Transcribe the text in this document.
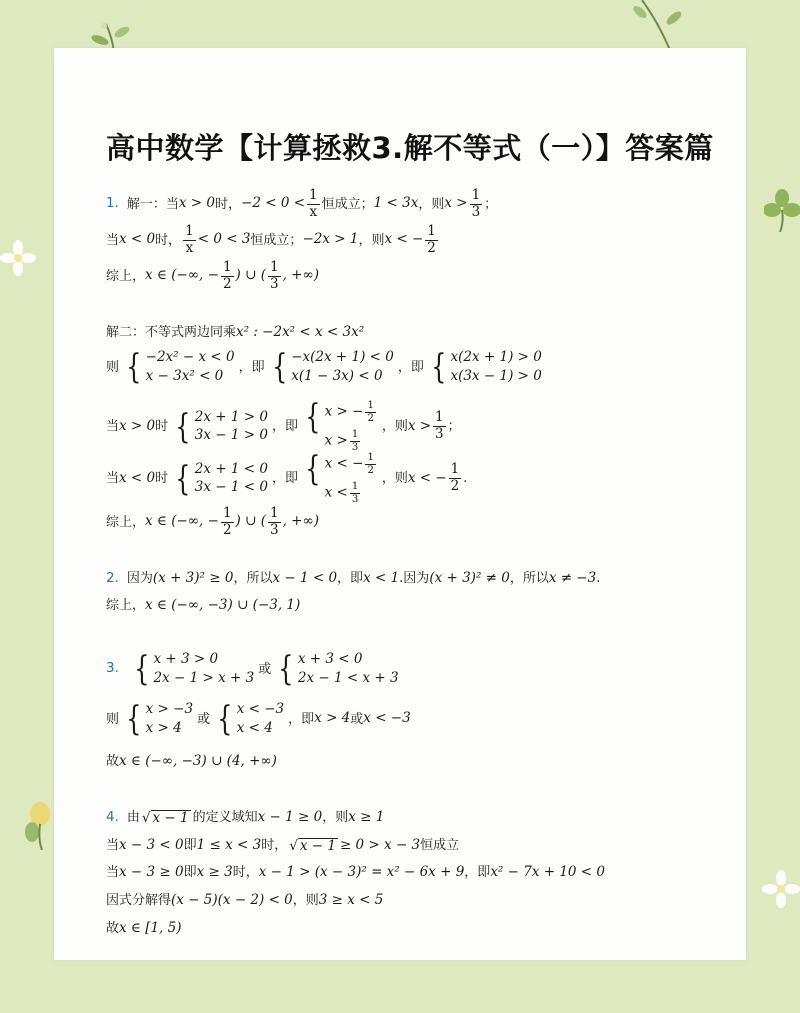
高中数学【计算拯救3.解不等式（一）】答案篇
1. 解一：当 x > 0 时， $-2 < 0 < \frac{1}{x}$ 恒成立； 1 < 3x ，则 $x > \frac{1}{3}$ ；
当 x < 0 时， $\frac{1}{x} < 0 < 3$ 恒成立； −2x > 1 ，则 x < − $\frac{1}{2}$
综上， x ∈ (−∞, − $\frac{1}{2}$ ) ∪ ( $\frac{1}{3}$ , +∞)
解二：不等式两边同乘 x² : −2x² < x < 3x²
则 { −2x² − x < 0
x − 3x² < 0
，即 { −x(2x + 1) < 0
x(1 − 3x) < 0
，即 { x(2x + 1) > 0
x(3x − 1) > 0
当 x > 0 时 { 2x + 1 > 0
3x − 1 > 0
，即 { x > − $\frac{1}{2}$
$x > \frac{1}{3}$
，则 $x > \frac{1}{3}$ ；
当 x < 0 时 { 2x + 1 < 0
3x − 1 < 0
，即 { x < − $\frac{1}{2}$
$x < \frac{1}{3}$
，则 x < − $\frac{1}{2}$ .
综上， x ∈ (−∞, − $\frac{1}{2}$ ) ∪ ( $\frac{1}{3}$ , +∞)
2. 因为 (x + 3)² ≥ 0 ，所以 x − 1 < 0 ，即 x < 1 .因为 (x + 3)² ≠ 0 ，所以 x ≠ −3 .
综上， x ∈ (−∞, −3) ∪ (−3, 1)
3. { x + 3 > 0
2x − 1 > x + 3
或 { x + 3 < 0
2x − 1 < x + 3
则 { x > −3
x > 4
或 { x < −3
x < 4
，即 x > 4 或 x < −3
故 x ∈ (−∞, −3) ∪ (4, +∞)
4. 由 √ x − 1 的定义域知 x − 1 ≥ 0 ，则 x ≥ 1
当 x − 3 < 0 即 1 ≤ x < 3 时， √ x − 1 ≥ 0 > x − 3 恒成立
当 x − 3 ≥ 0 即 x ≥ 3 时， x − 1 > (x − 3)² = x² − 6x + 9 ，即 x² − 7x + 10 < 0
因式分解得 (x − 5)(x − 2) < 0 ，则 3 ≥ x < 5
故 x ∈ [1, 5)
